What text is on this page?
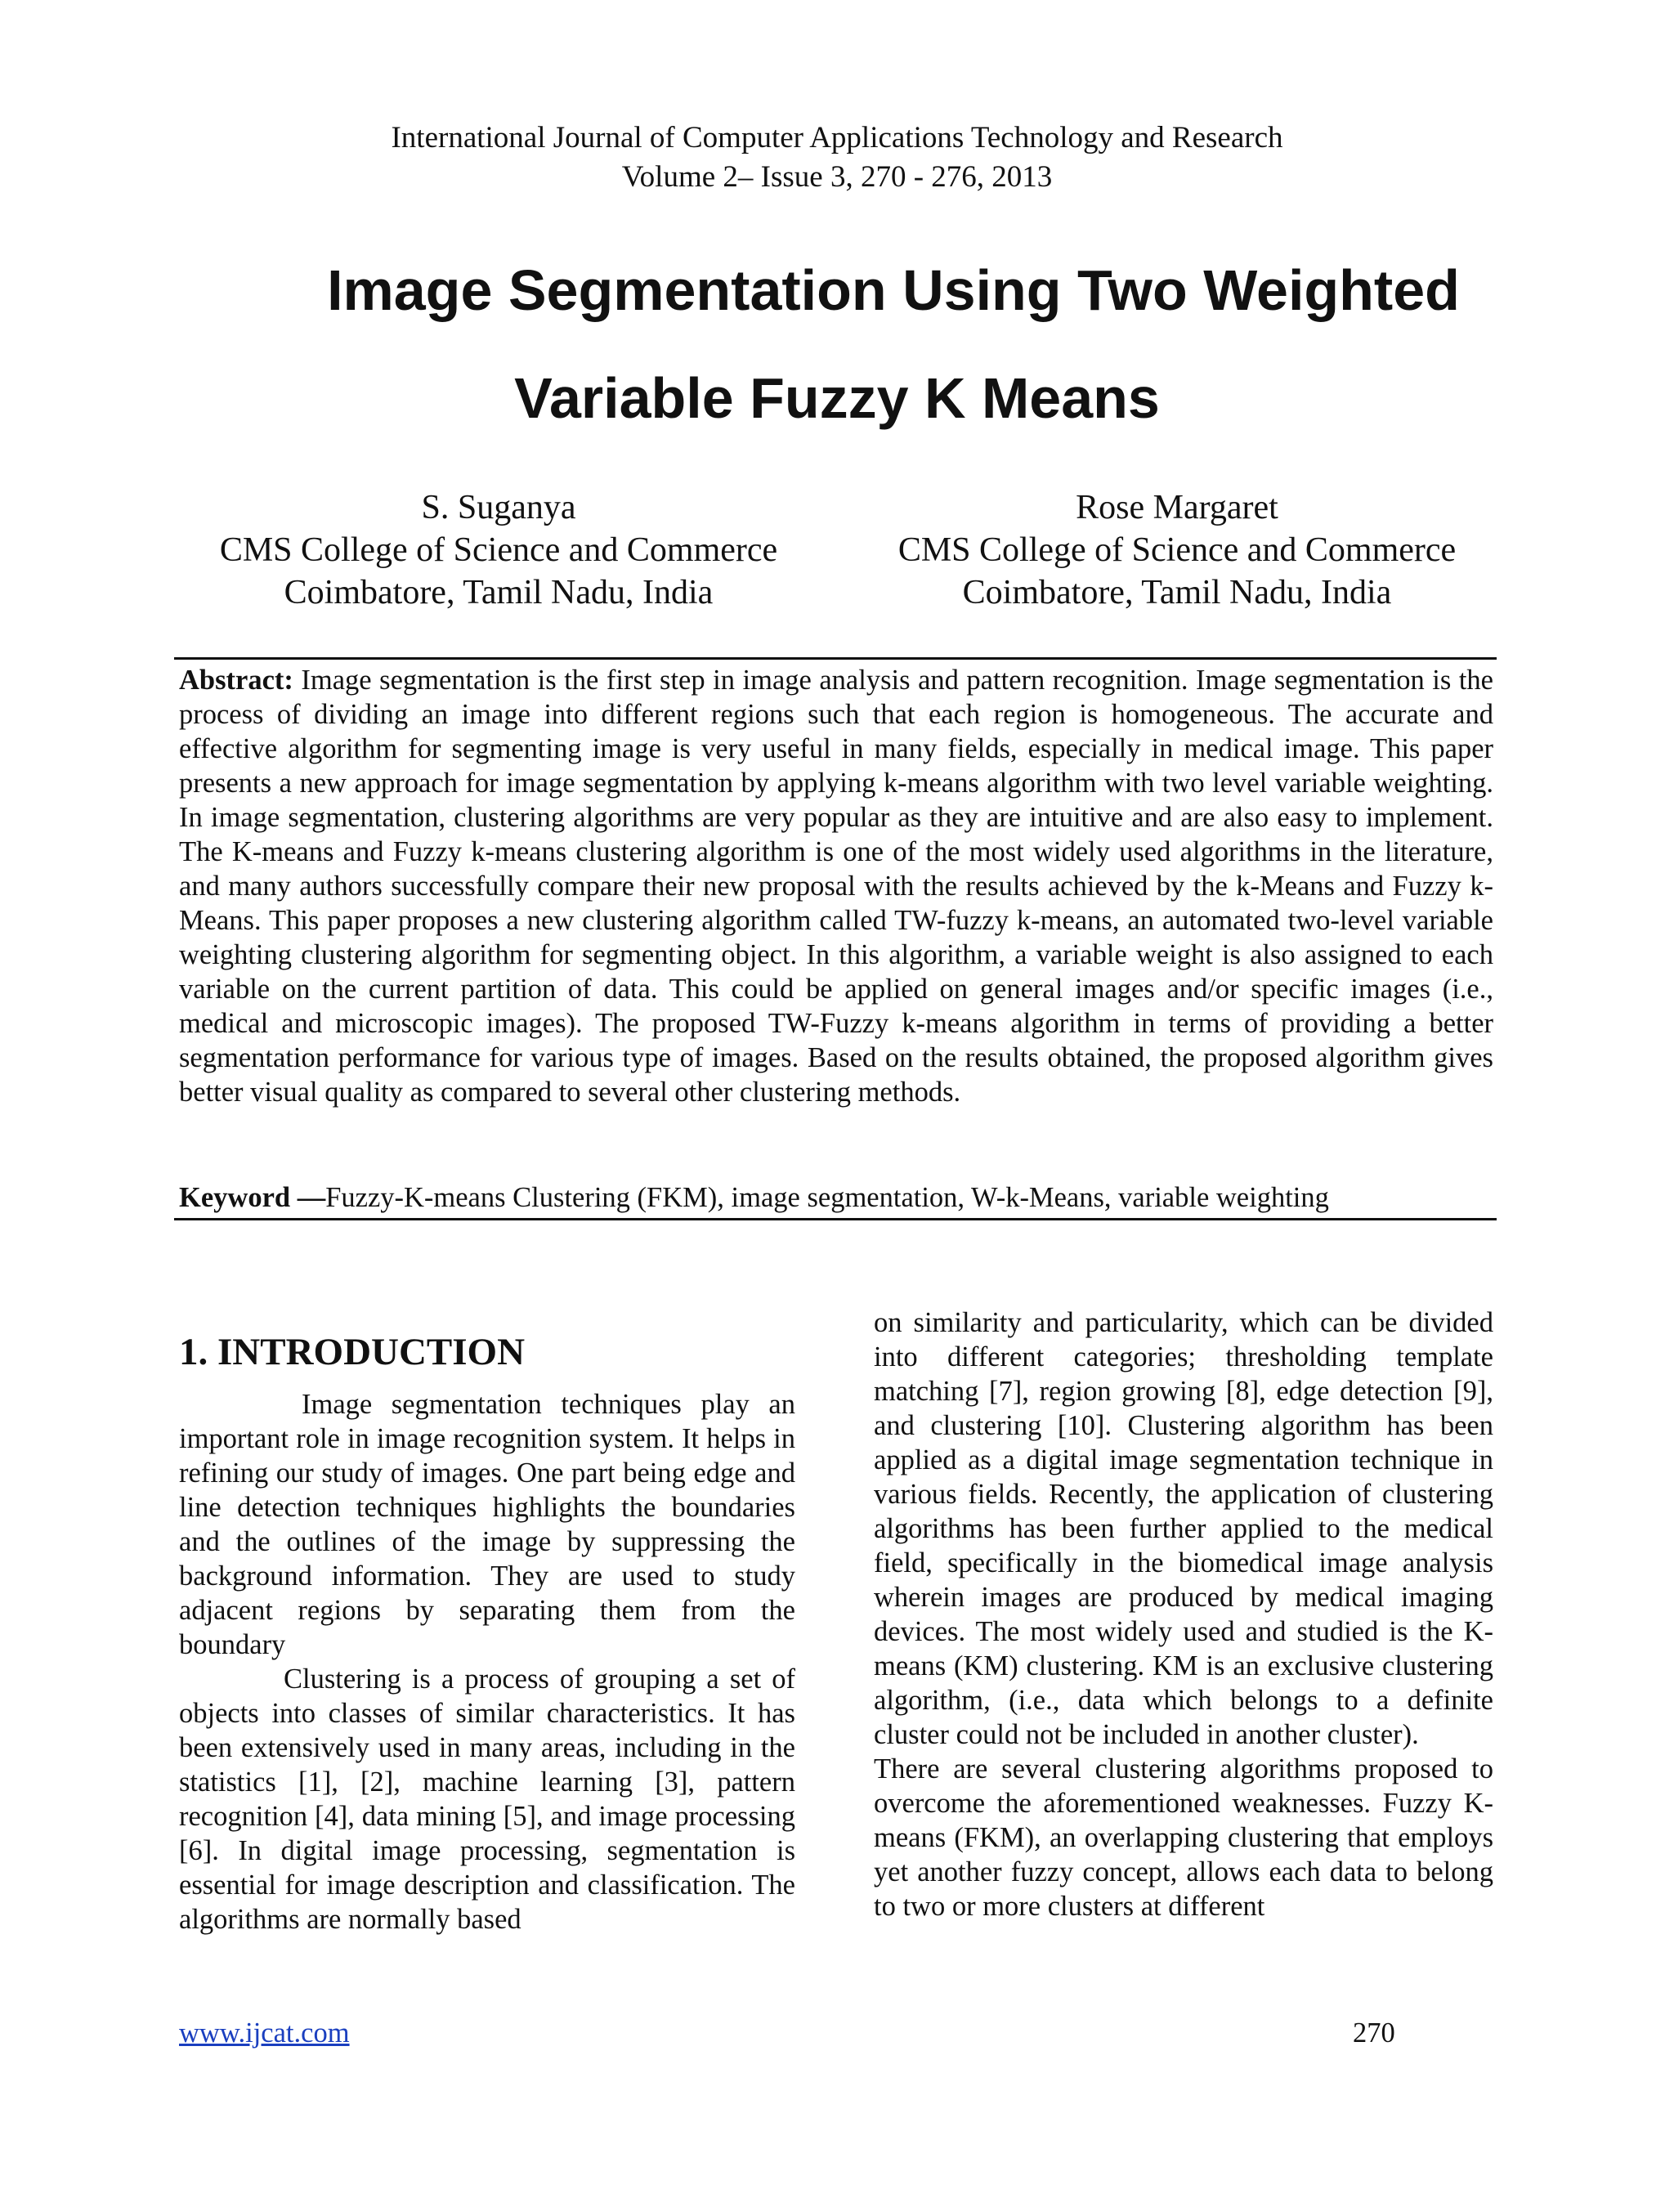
International Journal of Computer Applications Technology and Research
Volume 2– Issue 3, 270 - 276, 2013
Image Segmentation Using Two Weighted
Variable Fuzzy K Means
S. Suganya
CMS College of Science and Commerce
Coimbatore, Tamil Nadu, India
Rose Margaret
CMS College of Science and Commerce
Coimbatore, Tamil Nadu, India
Abstract: Image segmentation is the first step in image analysis and pattern recognition. Image segmentation is the process of dividing an image into different regions such that each region is homogeneous. The accurate and effective algorithm for segmenting image is very useful in many fields, especially in medical image. This paper presents a new approach for image segmentation by applying k-means algorithm with two level variable weighting. In image segmentation, clustering algorithms are very popular as they are intuitive and are also easy to implement. The K-means and Fuzzy k-means clustering algorithm is one of the most widely used algorithms in the literature, and many authors successfully compare their new proposal with the results achieved by the k-Means and Fuzzy k-Means. This paper proposes a new clustering algorithm called TW-fuzzy k-means, an automated two-level variable weighting clustering algorithm for segmenting object. In this algorithm, a variable weight is also assigned to each variable on the current partition of data. This could be applied on general images and/or specific images (i.e., medical and microscopic images). The proposed TW-Fuzzy k-means algorithm in terms of providing a better segmentation performance for various type of images. Based on the results obtained, the proposed algorithm gives better visual quality as compared to several other clustering methods.
Keyword —Fuzzy-K-means Clustering (FKM), image segmentation, W-k-Means, variable weighting
1. INTRODUCTION

Image segmentation techniques play an important role in image recognition system. It helps in refining our study of images. One part being edge and line detection techniques highlights the boundaries and the outlines of the image by suppressing the background information. They are used to study adjacent regions by separating them from the boundary

Clustering is a process of grouping a set of objects into classes of similar characteristics. It has been extensively used in many areas, including in the statistics [1], [2], machine learning [3], pattern recognition [4], data mining [5], and image processing [6]. In digital image processing, segmentation is essential for image description and classification. The algorithms are normally based

on similarity and particularity, which can be divided into different categories; thresholding template matching [7], region growing [8], edge detection [9], and clustering [10]. Clustering algorithm has been applied as a digital image segmentation technique in various fields. Recently, the application of clustering algorithms has been further applied to the medical field, specifically in the biomedical image analysis wherein images are produced by medical imaging devices. The most widely used and studied is the K-means (KM) clustering. KM is an exclusive clustering algorithm, (i.e., data which belongs to a definite cluster could not be included in another cluster).

There are several clustering algorithms proposed to overcome the aforementioned weaknesses. Fuzzy K-means (FKM), an overlapping clustering that employs yet another fuzzy concept, allows each data to belong to two or more clusters at different

www.ijcat.com	270
